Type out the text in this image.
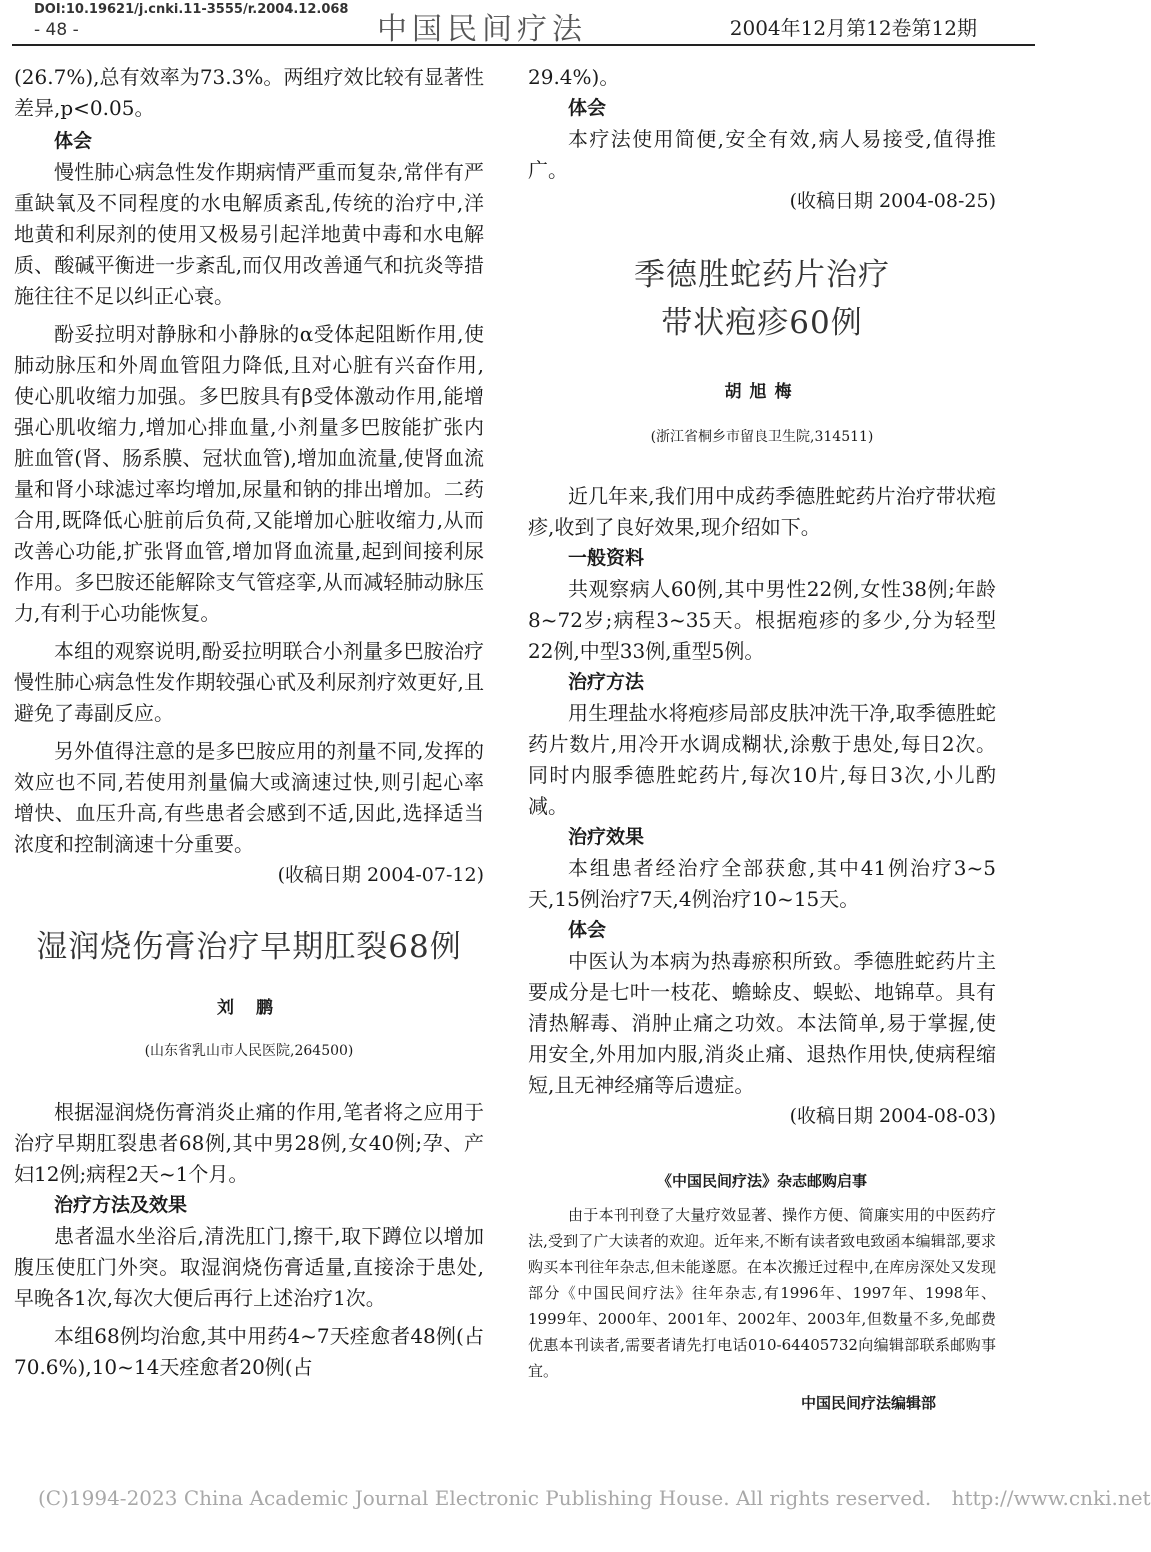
DOI:10.19621/j.cnki.11-3555/r.2004.12.068
- 48 -	中国民间疗法	2004年12月第12卷第12期

(26.7%),总有效率为73.3%。两组疗效比较有显著性差异,p<0.05。

体会

慢性肺心病急性发作期病情严重而复杂,常伴有严重缺氧及不同程度的水电解质紊乱,传统的治疗中,洋地黄和利尿剂的使用又极易引起洋地黄中毒和水电解质、酸碱平衡进一步紊乱,而仅用改善通气和抗炎等措施往往不足以纠正心衰。

酚妥拉明对静脉和小静脉的α受体起阻断作用,使肺动脉压和外周血管阻力降低,且对心脏有兴奋作用,使心肌收缩力加强。多巴胺具有β受体激动作用,能增强心肌收缩力,增加心排血量,小剂量多巴胺能扩张内脏血管(肾、肠系膜、冠状血管),增加血流量,使肾血流量和肾小球滤过率均增加,尿量和钠的排出增加。二药合用,既降低心脏前后负荷,又能增加心脏收缩力,从而改善心功能,扩张肾血管,增加肾血流量,起到间接利尿作用。多巴胺还能解除支气管痉挛,从而减轻肺动脉压力,有利于心功能恢复。

本组的观察说明,酚妥拉明联合小剂量多巴胺治疗慢性肺心病急性发作期较强心甙及利尿剂疗效更好,且避免了毒副反应。

另外值得注意的是多巴胺应用的剂量不同,发挥的效应也不同,若使用剂量偏大或滴速过快,则引起心率增快、血压升高,有些患者会感到不适,因此,选择适当浓度和控制滴速十分重要。

(收稿日期 2004-07-12)

湿润烧伤膏治疗早期肛裂68例

刘 鹏

(山东省乳山市人民医院,264500)

根据湿润烧伤膏消炎止痛的作用,笔者将之应用于治疗早期肛裂患者68例,其中男28例,女40例;孕、产妇12例;病程2天~1个月。

治疗方法及效果

患者温水坐浴后,清洗肛门,擦干,取下蹲位以增加腹压使肛门外突。取湿润烧伤膏适量,直接涂于患处,早晚各1次,每次大便后再行上述治疗1次。

本组68例均治愈,其中用药4~7天痊愈者48例(占70.6%),10~14天痊愈者20例(占

29.4%)。

体会

本疗法使用简便,安全有效,病人易接受,值得推广。

(收稿日期 2004-08-25)

季德胜蛇药片治疗
带状疱疹60例

胡旭梅

(浙江省桐乡市留良卫生院,314511)

近几年来,我们用中成药季德胜蛇药片治疗带状疱疹,收到了良好效果,现介绍如下。

一般资料

共观察病人60例,其中男性22例,女性38例;年龄8~72岁;病程3~35天。根据疱疹的多少,分为轻型22例,中型33例,重型5例。

治疗方法

用生理盐水将疱疹局部皮肤冲洗干净,取季德胜蛇药片数片,用冷开水调成糊状,涂敷于患处,每日2次。同时内服季德胜蛇药片,每次10片,每日3次,小儿酌减。

治疗效果

本组患者经治疗全部获愈,其中41例治疗3~5天,15例治疗7天,4例治疗10~15天。

体会

中医认为本病为热毒瘀积所致。季德胜蛇药片主要成分是七叶一枝花、蟾蜍皮、蜈蚣、地锦草。具有清热解毒、消肿止痛之功效。本法简单,易于掌握,使用安全,外用加内服,消炎止痛、退热作用快,使病程缩短,且无神经痛等后遗症。

(收稿日期 2004-08-03)

《中国民间疗法》杂志邮购启事

由于本刊刊登了大量疗效显著、操作方便、简廉实用的中医药疗法,受到了广大读者的欢迎。近年来,不断有读者致电致函本编辑部,要求购买本刊往年杂志,但未能遂愿。在本次搬迁过程中,在库房深处又发现部分《中国民间疗法》往年杂志,有1996年、1997年、1998年、1999年、2000年、2001年、2002年、2003年,但数量不多,免邮费优惠本刊读者,需要者请先打电话010-64405732向编辑部联系邮购事宜。

中国民间疗法编辑部

(C)1994-2023 China Academic Journal Electronic Publishing House. All rights reserved. http://www.cnki.net
